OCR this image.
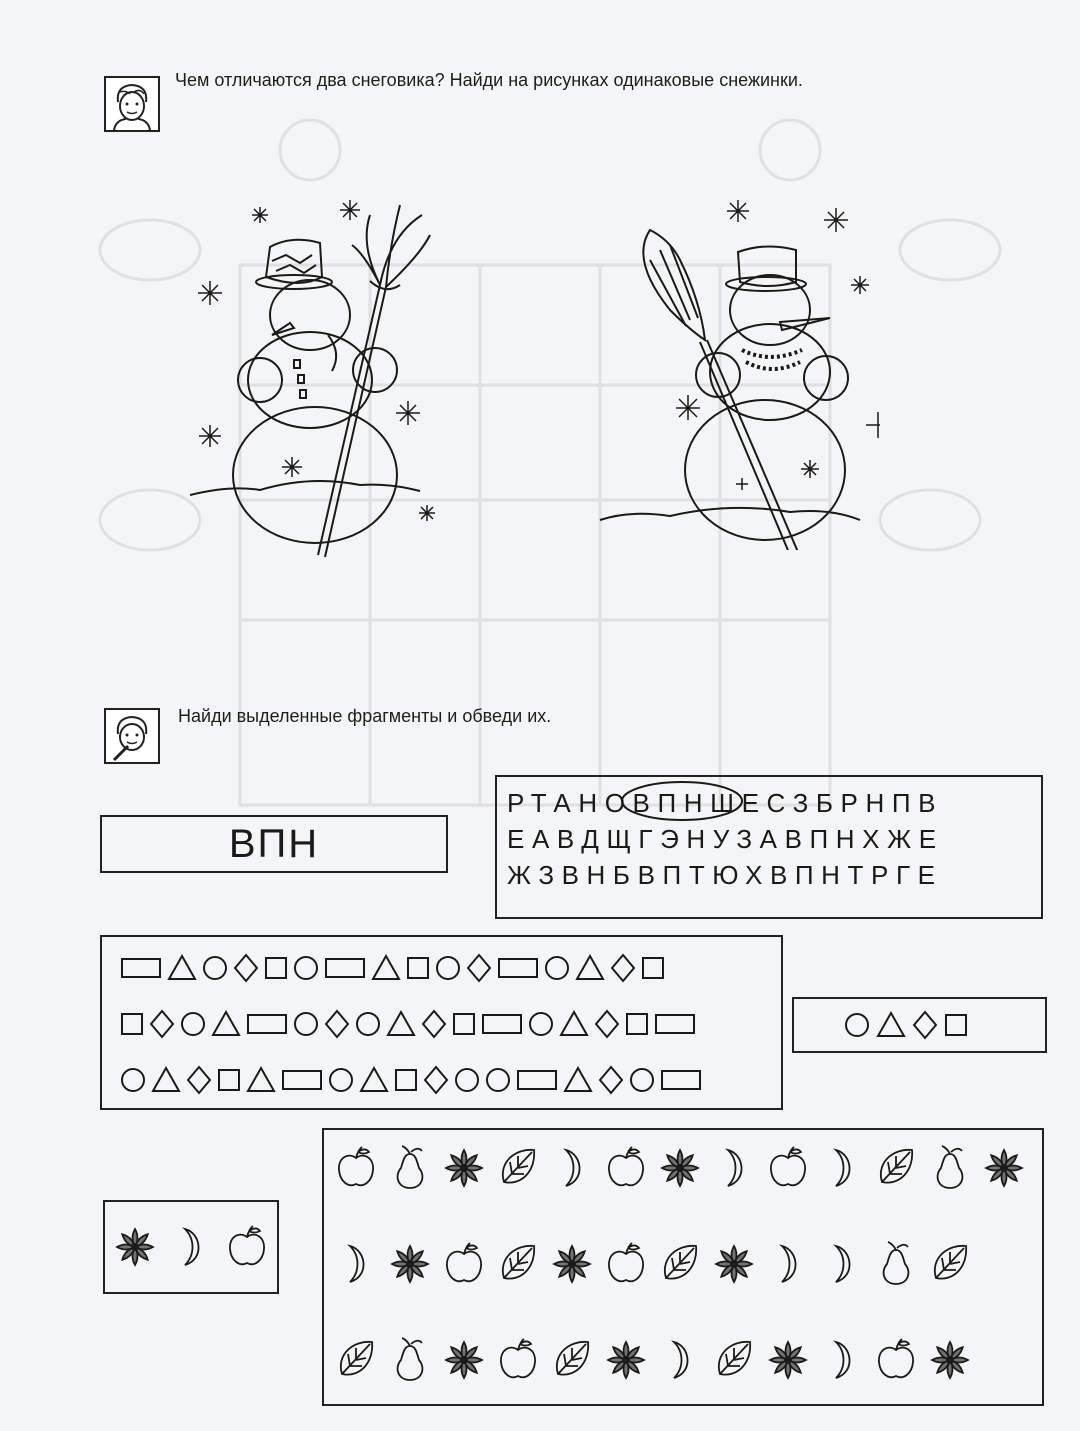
Чем отличаются два снеговика? Найди на рисунках одинаковые снежинки.
Найди выделенные фрагменты и обведи их.
ВПН
РТАНОВПНШЕСЗБРНПВ
ЕАВДЩГЭНУЗАВПНХЖЕ
ЖЗВНБВПТЮХВПНТРГЕ
